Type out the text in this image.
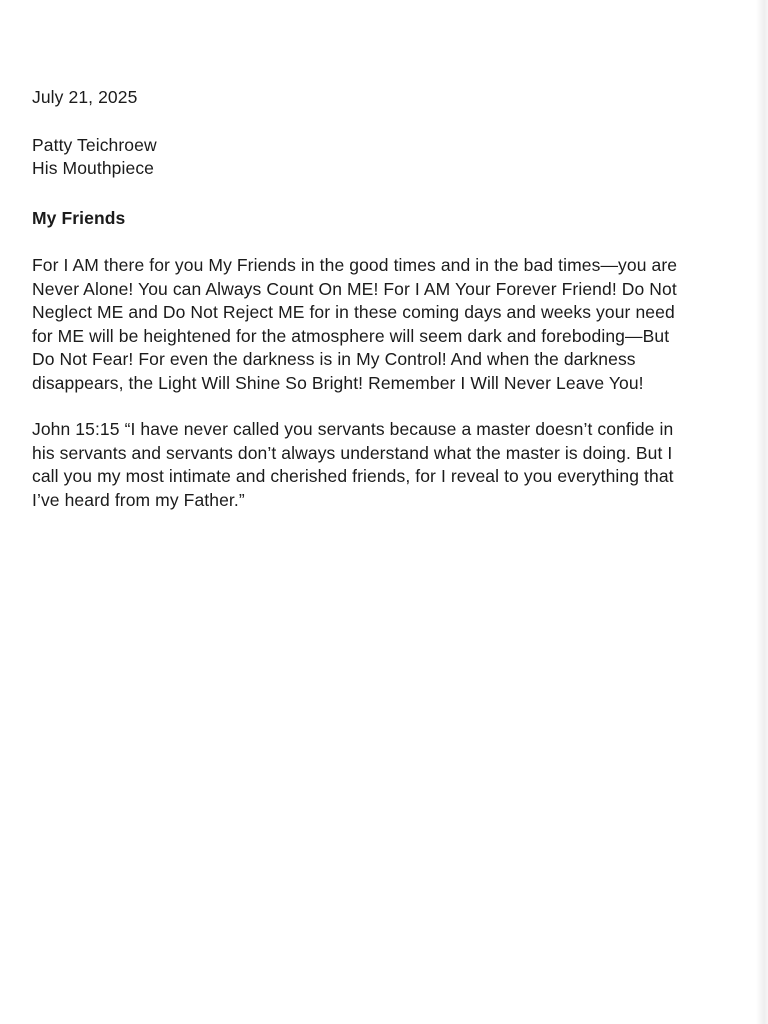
July 21, 2025
Patty Teichroew
His Mouthpiece
My Friends

For I AM there for you My Friends in the good times and in the bad times—you are Never Alone! You can Always Count On ME! For I AM Your Forever Friend! Do Not Neglect ME and Do Not Reject ME for in these coming days and weeks your need for ME will be heightened for the atmosphere will seem dark and foreboding—But Do Not Fear! For even the darkness is in My Control! And when the darkness disappears, the Light Will Shine So Bright! Remember I Will Never Leave You!

John 15:15 “I have never called you servants because a master doesn’t confide in his servants and servants don’t always understand what the master is doing. But I call you my most intimate and cherished friends, for I reveal to you everything that I’ve heard from my Father.”
